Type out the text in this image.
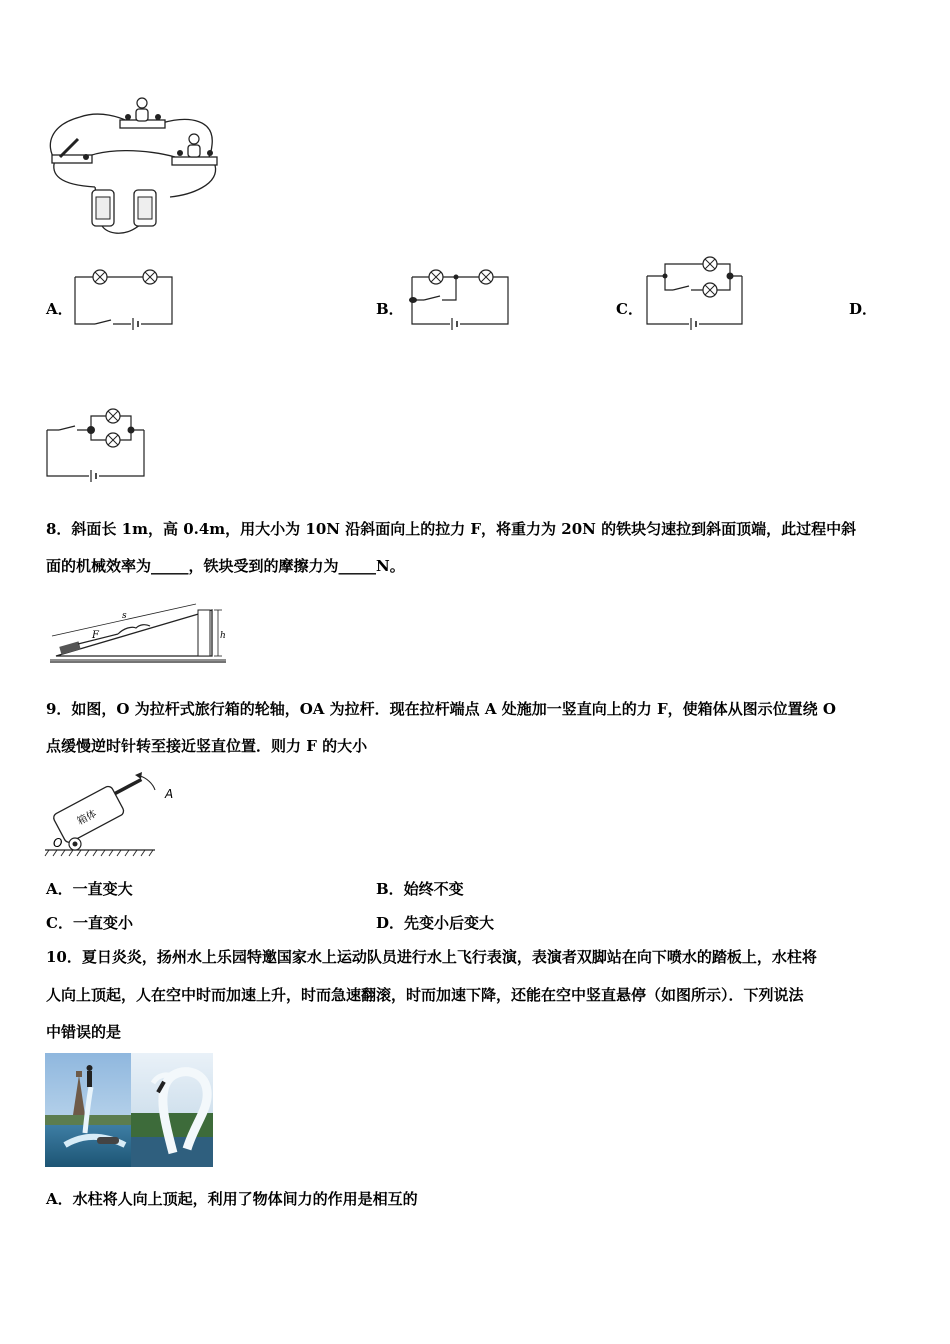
A．	B．	C．	D．
8．斜面长 1m，高 0.4m，用大小为 10N 沿斜面向上的拉力 F，将重力为 20N 的铁块匀速拉到斜面顶端，此过程中斜
面的机械效率为_____，铁块受到的摩擦力为_____N。
h
s
F
9．如图，O 为拉杆式旅行箱的轮轴，OA 为拉杆．现在拉杆端点 A 处施加一竖直向上的力 F，使箱体从图示位置绕 O
点缓慢逆时针转至接近竖直位置．则力 F 的大小
箱体
O
A
A．一直变大	B．始终不变
C．一直变小	D．先变小后变大
10．夏日炎炎，扬州水上乐园特邀国家水上运动队员进行水上飞行表演，表演者双脚站在向下喷水的踏板上，水柱将
人向上顶起，人在空中时而加速上升，时而急速翻滚，时而加速下降，还能在空中竖直悬停（如图所示）．下列说法
中错误的是
A．水柱将人向上顶起，利用了物体间力的作用是相互的
